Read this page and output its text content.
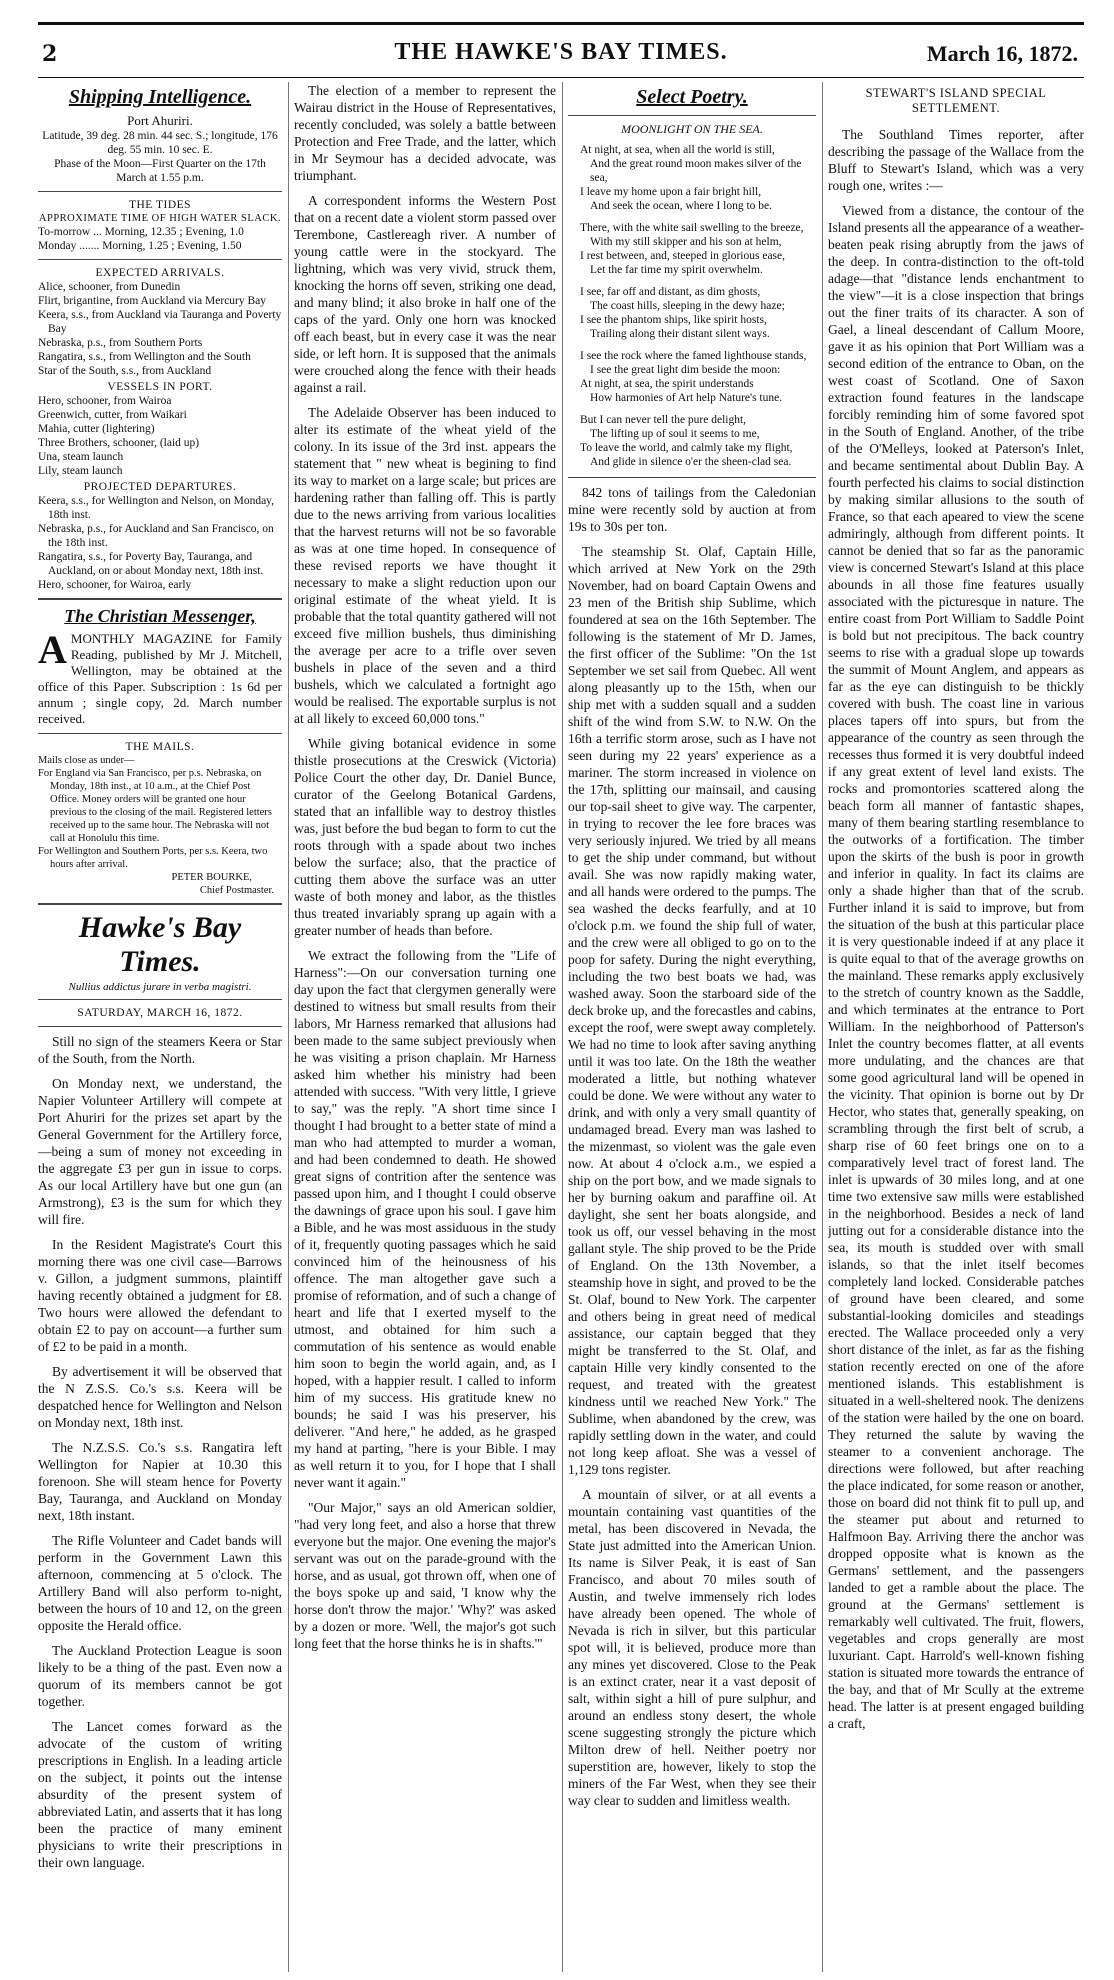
2	THE HAWKE'S BAY TIMES.	March 16, 1872.
Shipping Intelligence.
Port Ahuriri.
Latitude, 39 deg. 28 min. 44 sec. S.; longitude, 176 deg. 55 min. 10 sec. E.
Phase of the Moon—First Quarter on the 17th March at 1.55 p.m.
THE TIDES
APPROXIMATE TIME OF HIGH WATER SLACK.
To-morrow ... Morning, 12.35 ; Evening, 1.0
Monday ....... Morning, 1.25 ; Evening, 1.50
EXPECTED ARRIVALS.
Alice, schooner, from Dunedin
Flirt, brigantine, from Auckland via Mercury Bay
Keera, s.s., from Auckland via Tauranga and Poverty Bay
Nebraska, p.s., from Southern Ports
Rangatira, s.s., from Wellington and the South
Star of the South, s.s., from Auckland
VESSELS IN PORT.
Hero, schooner, from Wairoa
Greenwich, cutter, from Waikari
Mahia, cutter (lightering)
Three Brothers, schooner, (laid up)
Una, steam launch
Lily, steam launch
PROJECTED DEPARTURES.
Keera, s.s., for Wellington and Nelson, on Monday, 18th inst.
Nebraska, p.s., for Auckland and San Francisco, on the 18th inst.
Rangatira, s.s., for Poverty Bay, Tauranga, and Auckland, on or about Monday next, 18th inst.
Hero, schooner, for Wairoa, early
The Christian Messenger,
AMONTHLY MAGAZINE for Family Reading, published by Mr J. Mitchell, Wellington, may be obtained at the office of this Paper. Subscription : 1s 6d per annum ; single copy, 2d. March number received.
THE MAILS.
Mails close as under—
For England via San Francisco, per p.s. Nebraska, on Monday, 18th inst., at 10 a.m., at the Chief Post Office. Money orders will be granted one hour previous to the closing of the mail. Registered letters received up to the same hour. The Nebraska will not call at Honolulu this time.
For Wellington and Southern Ports, per s.s. Keera, two hours after arrival.
PETER BOURKE,
Chief Postmaster.
Hawke's Bay Times.
Nullius addictus jurare in verba magistri.
SATURDAY, MARCH 16, 1872.

Still no sign of the steamers Keera or Star of the South, from the North.

On Monday next, we understand, the Napier Volunteer Artillery will compete at Port Ahuriri for the prizes set apart by the General Government for the Artillery force,—being a sum of money not exceeding in the aggregate £3 per gun in issue to corps. As our local Artillery have but one gun (an Armstrong), £3 is the sum for which they will fire.

In the Resident Magistrate's Court this morning there was one civil case—Barrows v. Gillon, a judgment summons, plaintiff having recently obtained a judgment for £8. Two hours were allowed the defendant to obtain £2 to pay on account—a further sum of £2 to be paid in a month.

By advertisement it will be observed that the N Z.S.S. Co.'s s.s. Keera will be despatched hence for Wellington and Nelson on Monday next, 18th inst.

The N.Z.S.S. Co.'s s.s. Rangatira left Wellington for Napier at 10.30 this forenoon. She will steam hence for Poverty Bay, Tauranga, and Auckland on Monday next, 18th instant.

The Rifle Volunteer and Cadet bands will perform in the Government Lawn this afternoon, commencing at 5 o'clock. The Artillery Band will also perform to-night, between the hours of 10 and 12, on the green opposite the Herald office.

The Auckland Protection League is soon likely to be a thing of the past. Even now a quorum of its members cannot be got together.

The Lancet comes forward as the advocate of the custom of writing prescriptions in English. In a leading article on the subject, it points out the intense absurdity of the present system of abbreviated Latin, and asserts that it has long been the practice of many eminent physicians to write their prescriptions in their own language.

The election of a member to represent the Wairau district in the House of Representatives, recently concluded, was solely a battle between Protection and Free Trade, and the latter, which in Mr Seymour has a decided advocate, was triumphant.

A correspondent informs the Western Post that on a recent date a violent storm passed over Terembone, Castlereagh river. A number of young cattle were in the stockyard. The lightning, which was very vivid, struck them, knocking the horns off seven, striking one dead, and many blind; it also broke in half one of the caps of the yard. Only one horn was knocked off each beast, but in every case it was the near side, or left horn. It is supposed that the animals were crouched along the fence with their heads against a rail.

The Adelaide Observer has been induced to alter its estimate of the wheat yield of the colony. In its issue of the 3rd inst. appears the statement that " new wheat is begining to find its way to market on a large scale; but prices are hardening rather than falling off. This is partly due to the news arriving from various localities that the harvest returns will not be so favorable as was at one time hoped. In consequence of these revised reports we have thought it necessary to make a slight reduction upon our original estimate of the wheat yield. It is probable that the total quantity gathered will not exceed five million bushels, thus diminishing the average per acre to a trifle over seven bushels in place of the seven and a third bushels, which we calculated a fortnight ago would be realised. The exportable surplus is not at all likely to exceed 60,000 tons."

While giving botanical evidence in some thistle prosecutions at the Creswick (Victoria) Police Court the other day, Dr. Daniel Bunce, curator of the Geelong Botanical Gardens, stated that an infallible way to destroy thistles was, just before the bud began to form to cut the roots through with a spade about two inches below the surface; also, that the practice of cutting them above the surface was an utter waste of both money and labor, as the thistles thus treated invariably sprang up again with a greater number of heads than before.

We extract the following from the "Life of Harness":—On our conversation turning one day upon the fact that clergymen generally were destined to witness but small results from their labors, Mr Harness remarked that allusions had been made to the same subject previously when he was visiting a prison chaplain. Mr Harness asked him whether his ministry had been attended with success. "With very little, I grieve to say," was the reply. "A short time since I thought I had brought to a better state of mind a man who had attempted to murder a woman, and had been condemned to death. He showed great signs of contrition after the sentence was passed upon him, and I thought I could observe the dawnings of grace upon his soul. I gave him a Bible, and he was most assiduous in the study of it, frequently quoting passages which he said convinced him of the heinousness of his offence. The man altogether gave such a promise of reformation, and of such a change of heart and life that I exerted myself to the utmost, and obtained for him such a commutation of his sentence as would enable him soon to begin the world again, and, as I hoped, with a happier result. I called to inform him of my success. His gratitude knew no bounds; he said I was his preserver, his deliverer. "And here," he added, as he grasped my hand at parting, "here is your Bible. I may as well return it to you, for I hope that I shall never want it again."

"Our Major," says an old American soldier, "had very long feet, and also a horse that threw everyone but the major. One evening the major's servant was out on the parade-ground with the horse, and as usual, got thrown off, when one of the boys spoke up and said, 'I know why the horse don't throw the major.' 'Why?' was asked by a dozen or more. 'Well, the major's got such long feet that the horse thinks he is in shafts.'"

Select Poetry.
MOONLIGHT ON THE SEA.
At night, at sea, when all the world is still,
And the great round moon makes silver of the sea,
I leave my home upon a fair bright hill,
And seek the ocean, where I long to be.
There, with the white sail swelling to the breeze,
With my still skipper and his son at helm,
I rest between, and, steeped in glorious ease,
Let the far time my spirit overwhelm.
I see, far off and distant, as dim ghosts,
The coast hills, sleeping in the dewy haze;
I see the phantom ships, like spirit hosts,
Trailing along their distant silent ways.
I see the rock where the famed lighthouse stands,
I see the great light dim beside the moon:
At night, at sea, the spirit understands
How harmonies of Art help Nature's tune.
But I can never tell the pure delight,
The lifting up of soul it seems to me,
To leave the world, and calmly take my flight,
And glide in silence o'er the sheen-clad sea.

842 tons of tailings from the Caledonian mine were recently sold by auction at from 19s to 30s per ton.

The steamship St. Olaf, Captain Hille, which arrived at New York on the 29th November, had on board Captain Owens and 23 men of the British ship Sublime, which foundered at sea on the 16th September. The following is the statement of Mr D. James, the first officer of the Sublime: "On the 1st September we set sail from Quebec. All went along pleasantly up to the 15th, when our ship met with a sudden squall and a sudden shift of the wind from S.W. to N.W. On the 16th a terrific storm arose, such as I have not seen during my 22 years' experience as a mariner. The storm increased in violence on the 17th, splitting our mainsail, and causing our top-sail sheet to give way. The carpenter, in trying to recover the lee fore braces was very seriously injured. We tried by all means to get the ship under command, but without avail. She was now rapidly making water, and all hands were ordered to the pumps. The sea washed the decks fearfully, and at 10 o'clock p.m. we found the ship full of water, and the crew were all obliged to go on to the poop for safety. During the night everything, including the two best boats we had, was washed away. Soon the starboard side of the deck broke up, and the forecastles and cabins, except the roof, were swept away completely. We had no time to look after saving anything until it was too late. On the 18th the weather moderated a little, but nothing whatever could be done. We were without any water to drink, and with only a very small quantity of undamaged bread. Every man was lashed to the mizenmast, so violent was the gale even now. At about 4 o'clock a.m., we espied a ship on the port bow, and we made signals to her by burning oakum and paraffine oil. At daylight, she sent her boats alongside, and took us off, our vessel behaving in the most gallant style. The ship proved to be the Pride of England. On the 13th November, a steamship hove in sight, and proved to be the St. Olaf, bound to New York. The carpenter and others being in great need of medical assistance, our captain begged that they might be transferred to the St. Olaf, and captain Hille very kindly consented to the request, and treated with the greatest kindness until we reached New York." The Sublime, when abandoned by the crew, was rapidly settling down in the water, and could not long keep afloat. She was a vessel of 1,129 tons register.

A mountain of silver, or at all events a mountain containing vast quantities of the metal, has been discovered in Nevada, the State just admitted into the American Union. Its name is Silver Peak, it is east of San Francisco, and about 70 miles south of Austin, and twelve immensely rich lodes have already been opened. The whole of Nevada is rich in silver, but this particular spot will, it is believed, produce more than any mines yet discovered. Close to the Peak is an extinct crater, near it a vast deposit of salt, within sight a hill of pure sulphur, and around an endless stony desert, the whole scene suggesting strongly the picture which Milton drew of hell. Neither poetry nor superstition are, however, likely to stop the miners of the Far West, when they see their way clear to sudden and limitless wealth.

STEWART'S ISLAND SPECIAL SETTLEMENT.

The Southland Times reporter, after describing the passage of the Wallace from the Bluff to Stewart's Island, which was a very rough one, writes :—

Viewed from a distance, the contour of the Island presents all the appearance of a weather-beaten peak rising abruptly from the jaws of the deep. In contra-distinction to the oft-told adage—that "distance lends enchantment to the view"—it is a close inspection that brings out the finer traits of its character. A son of Gael, a lineal descendant of Callum Moore, gave it as his opinion that Port William was a second edition of the entrance to Oban, on the west coast of Scotland. One of Saxon extraction found features in the landscape forcibly reminding him of some favored spot in the South of England. Another, of the tribe of the O'Melleys, looked at Paterson's Inlet, and became sentimental about Dublin Bay. A fourth perfected his claims to social distinction by making similar allusions to the south of France, so that each apeared to view the scene admiringly, although from different points. It cannot be denied that so far as the panoramic view is concerned Stewart's Island at this place abounds in all those fine features usually associated with the picturesque in nature. The entire coast from Port William to Saddle Point is bold but not precipitous. The back country seems to rise with a gradual slope up towards the summit of Mount Anglem, and appears as far as the eye can distinguish to be thickly covered with bush. The coast line in various places tapers off into spurs, but from the appearance of the country as seen through the recesses thus formed it is very doubtful indeed if any great extent of level land exists. The rocks and promontories scattered along the beach form all manner of fantastic shapes, many of them bearing startling resemblance to the outworks of a fortification. The timber upon the skirts of the bush is poor in growth and inferior in quality. In fact its claims are only a shade higher than that of the scrub. Further inland it is said to improve, but from the situation of the bush at this particular place it is very questionable indeed if at any place it is quite equal to that of the average growths on the mainland. These remarks apply exclusively to the stretch of country known as the Saddle, and which terminates at the entrance to Port William. In the neighborhood of Patterson's Inlet the country becomes flatter, at all events more undulating, and the chances are that some good agricultural land will be opened in the vicinity. That opinion is borne out by Dr Hector, who states that, generally speaking, on scrambling through the first belt of scrub, a sharp rise of 60 feet brings one on to a comparatively level tract of forest land. The inlet is upwards of 30 miles long, and at one time two extensive saw mills were established in the neighborhood. Besides a neck of land jutting out for a considerable distance into the sea, its mouth is studded over with small islands, so that the inlet itself becomes completely land locked. Considerable patches of ground have been cleared, and some substantial-looking domiciles and steadings erected. The Wallace proceeded only a very short distance of the inlet, as far as the fishing station recently erected on one of the afore mentioned islands. This establishment is situated in a well-sheltered nook. The denizens of the station were hailed by the one on board. They returned the salute by waving the steamer to a convenient anchorage. The directions were followed, but after reaching the place indicated, for some reason or another, those on board did not think fit to pull up, and the steamer put about and returned to Halfmoon Bay. Arriving there the anchor was dropped opposite what is known as the Germans' settlement, and the passengers landed to get a ramble about the place. The ground at the Germans' settlement is remarkably well cultivated. The fruit, flowers, vegetables and crops generally are most luxuriant. Capt. Harrold's well-known fishing station is situated more towards the entrance of the bay, and that of Mr Scully at the extreme head. The latter is at present engaged building a craft,
